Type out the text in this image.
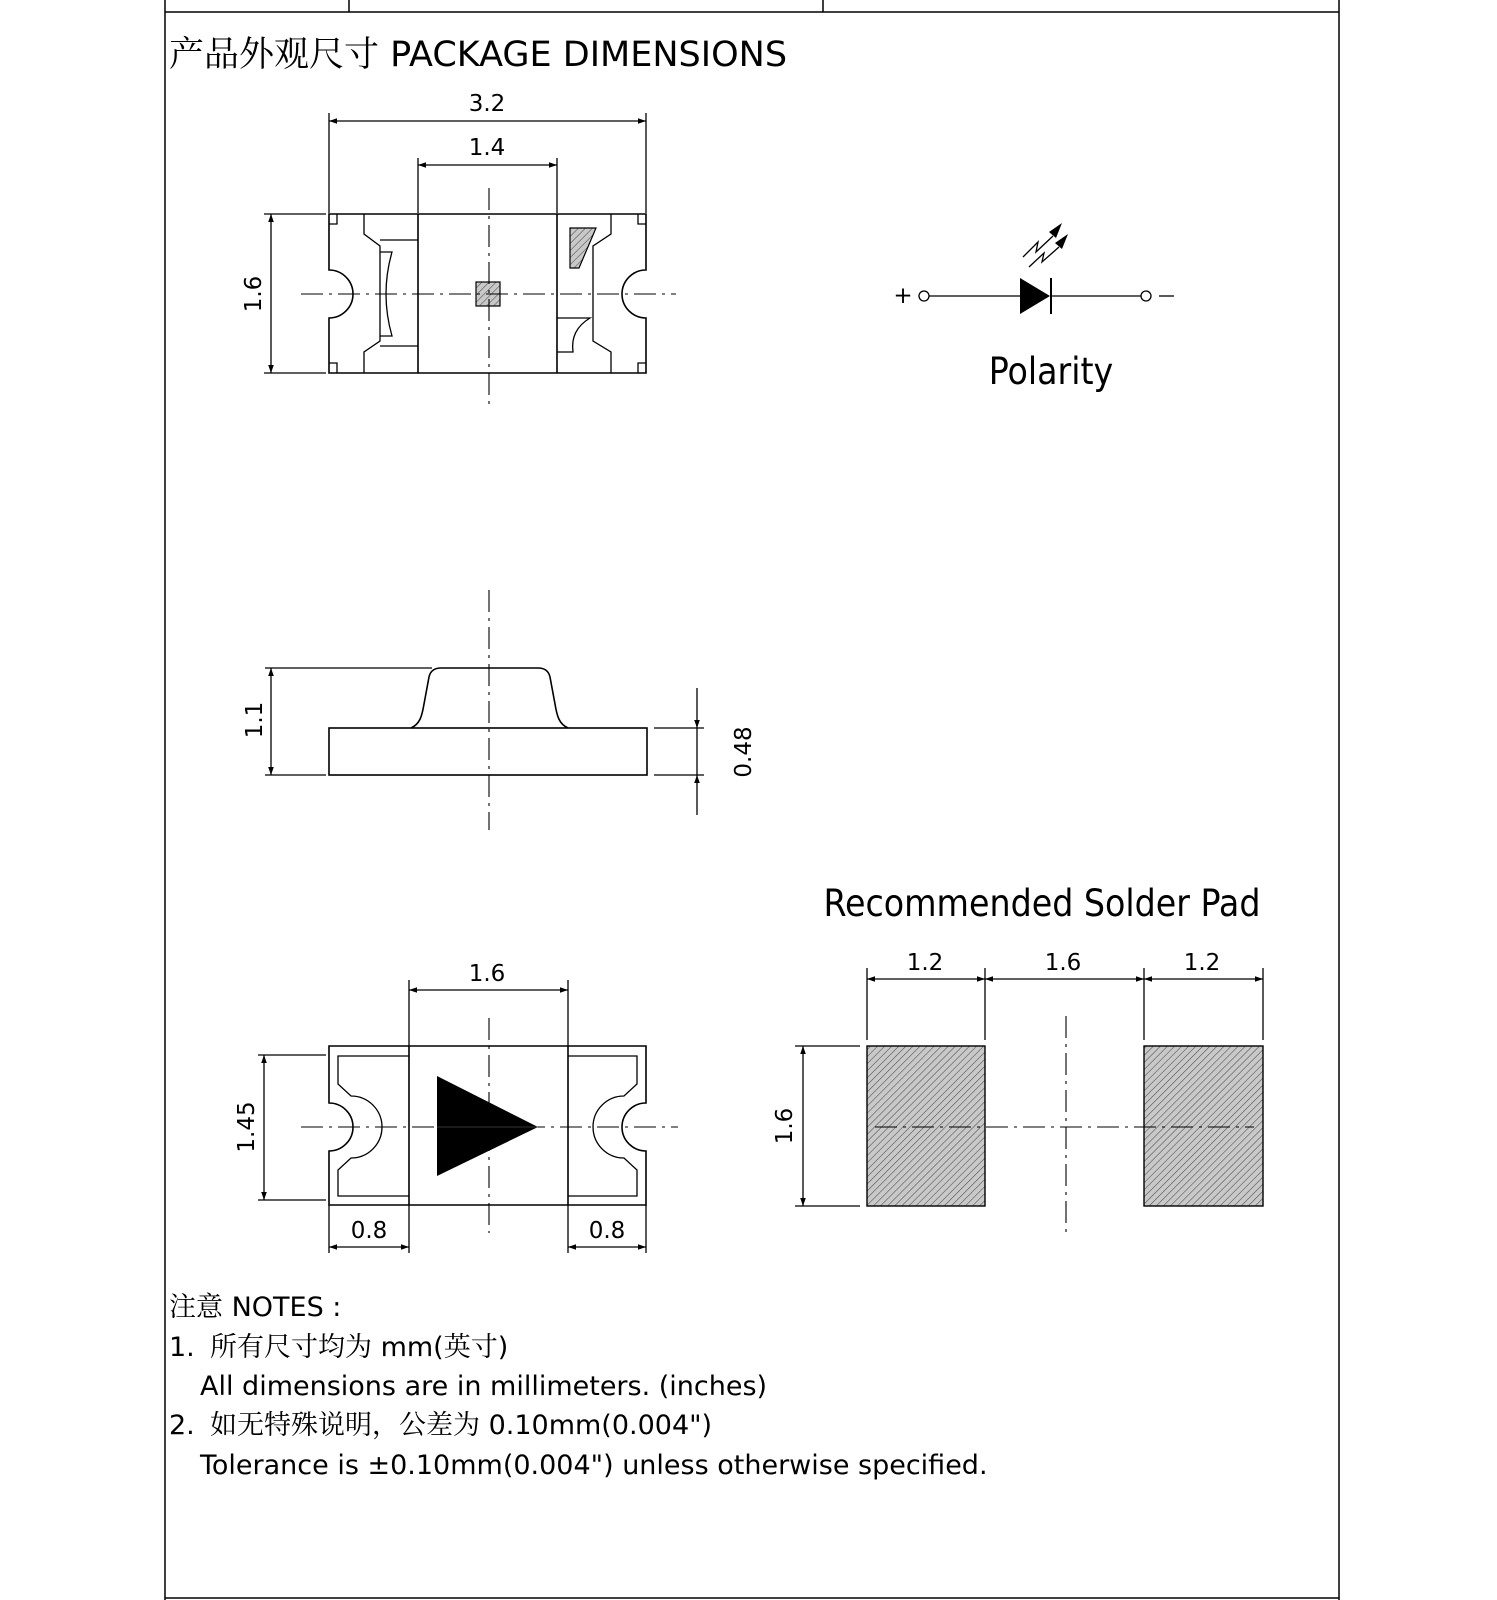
产品外观尺寸 PACKAGE DIMENSIONS
3.2
1.4
1.6	+
Polarity
1.1
0.48
1.6
1.45
0.8	0.8
Recommended Solder Pad
1.2	1.6	1.2
1.6
注意 NOTES :
1. 所有尺寸均为 mm(英寸)
All dimensions are in millimeters. (inches)
2. 如无特殊说明，公差为 0.10mm(0.004")
Tolerance is ±0.10mm(0.004") unless otherwise specified.
